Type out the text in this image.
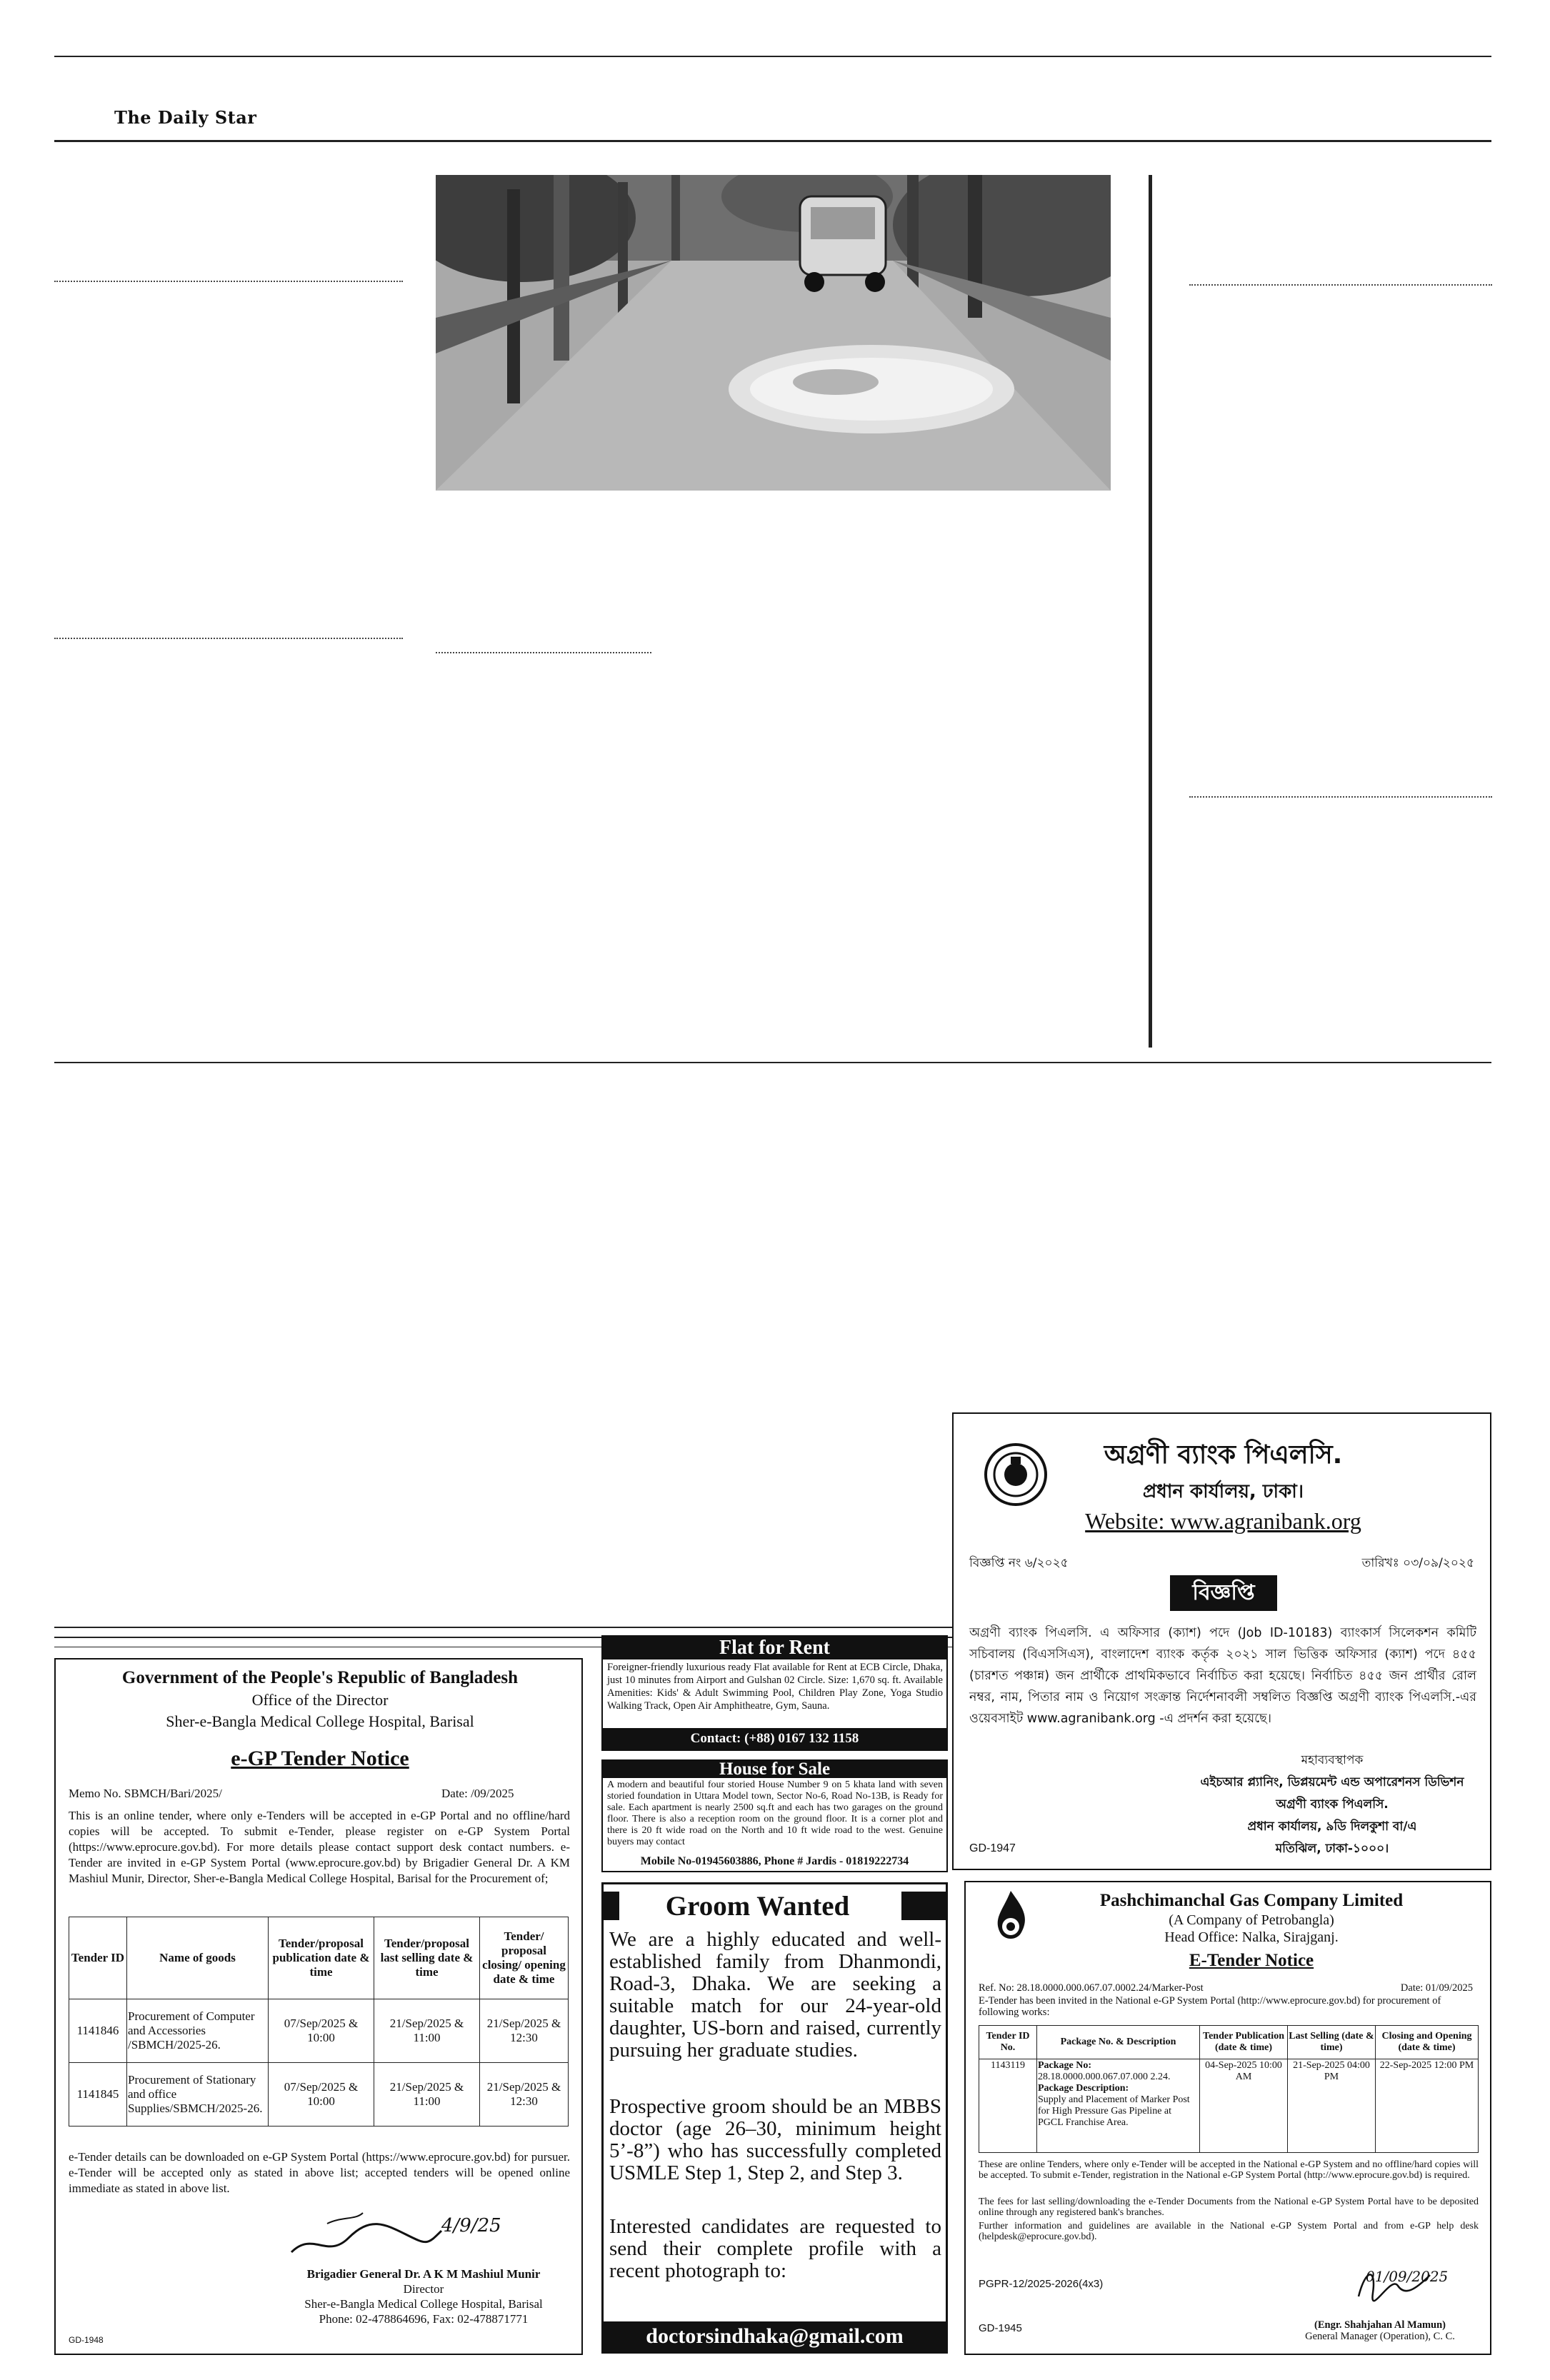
The Daily Star
অগ্রণী ব্যাংক পিএলসি.
প্রধান কার্যালয়, ঢাকা।
Website: www.agranibank.org
বিজ্ঞপ্তি নং ৬/২০২৫	তারিখঃ ০৩/০৯/২০২৫
বিজ্ঞপ্তি
অগ্রণী ব্যাংক পিএলসি. এ অফিসার (ক্যাশ) পদে (Job ID-10183) ব্যাংকার্স সিলেকশন কমিটি সচিবালয় (বিএসসিএস), বাংলাদেশ ব্যাংক কর্তৃক ২০২১ সাল ভিত্তিক অফিসার (ক্যাশ) পদে ৪৫৫ (চারশত পঞ্চান্ন) জন প্রার্থীকে প্রাথমিকভাবে নির্বাচিত করা হয়েছে। নির্বাচিত ৪৫৫ জন প্রার্থীর রোল নম্বর, নাম, পিতার নাম ও নিয়োগ সংক্রান্ত নির্দেশনাবলী সম্বলিত বিজ্ঞপ্তি অগ্রণী ব্যাংক পিএলসি.-এর ওয়েবসাইট www.agranibank.org -এ প্রদর্শন করা হয়েছে।
মহাব্যবস্থাপক
এইচআর প্ল্যানিং, ডিপ্লয়মেন্ট এন্ড অপারেশনস ডিভিশন
অগ্রণী ব্যাংক পিএলসি.
প্রধান কার্যালয়, ৯ডি দিলকুশা বা/এ
মতিঝিল, ঢাকা-১০০০।
GD-1947
Government of the People's Republic of Bangladesh
Office of the Director
Sher-e-Bangla Medical College Hospital, Barisal
e-GP Tender Notice
Memo No. SBMCH/Bari/2025/	Date: /09/2025
This is an online tender, where only e-Tenders will be accepted in e-GP Portal and no offline/hard copies will be accepted. To submit e-Tender, please register on e-GP System Portal (https://www.eprocure.gov.bd). For more details please contact support desk contact numbers. e-Tender are invited in e-GP System Portal (www.eprocure.gov.bd) by Brigadier General Dr. A KM Mashiul Munir, Director, Sher-e-Bangla Medical College Hospital, Barisal for the Procurement of;
Tender ID	Name of goods	Tender/proposal publication date & time	Tender/proposal last selling date & time	Tender/ proposal closing/ opening date & time
1141846	Procurement of Computer and Accessories /SBMCH/2025-26.	07/Sep/2025 & 10:00	21/Sep/2025 & 11:00	21/Sep/2025 & 12:30
1141845	Procurement of Stationary and office Supplies/SBMCH/2025-26.	07/Sep/2025 & 10:00	21/Sep/2025 & 11:00	21/Sep/2025 & 12:30
e-Tender details can be downloaded on e-GP System Portal (https://www.eprocure.gov.bd) for pursuer. e-Tender will be accepted only as stated in above list; accepted tenders will be opened online immediate as stated in above list.
4/9/25
Brigadier General Dr. A K M Mashiul Munir
Director
Sher-e-Bangla Medical College Hospital, Barisal
Phone: 02-478864696, Fax: 02-478871771
GD-1948
Flat for Rent
Foreigner-friendly luxurious ready Flat available for Rent at ECB Circle, Dhaka, just 10 minutes from Airport and Gulshan 02 Circle. Size: 1,670 sq. ft. Available Amenities: Kids' & Adult Swimming Pool, Children Play Zone, Yoga Studio Walking Track, Open Air Amphitheatre, Gym, Sauna.
Contact: (+88) 0167 132 1158
House for Sale
A modern and beautiful four storied House Number 9 on 5 khata land with seven storied foundation in Uttara Model town, Sector No-6, Road No-13B, is Ready for sale. Each apartment is nearly 2500 sq.ft and each has two garages on the ground floor. There is also a reception room on the ground floor. It is a corner plot and there is 20 ft wide road on the North and 10 ft wide road to the west. Genuine buyers may contact
Mobile No-01945603886, Phone # Jardis - 01819222734
Groom Wanted
We are a highly educated and well-established family from Dhanmondi, Road-3, Dhaka. We are seeking a suitable match for our 24-year-old daughter, US-born and raised, currently pursuing her graduate studies.
Prospective groom should be an MBBS doctor (age 26–30, minimum height 5’-8”) who has successfully completed USMLE Step 1, Step 2, and Step 3.
Interested candidates are requested to send their complete profile with a recent photograph to:
doctorsindhaka@gmail.com
Pashchimanchal Gas Company Limited
(A Company of Petrobangla)
Head Office: Nalka, Sirajganj.
E-Tender Notice
Ref. No: 28.18.0000.000.067.07.0002.24/Marker-Post	Date: 01/09/2025
E-Tender has been invited in the National e-GP System Portal (http://www.eprocure.gov.bd) for procurement of following works:
Tender ID No.	Package No. & Description	Tender Publication (date & time)	Last Selling (date & time)	Closing and Opening (date & time)
1143119	Package No:
28.18.0000.000.067.07.000 2.24.
Package Description:
Supply and Placement of Marker Post for High Pressure Gas Pipeline at PGCL Franchise Area.	04-Sep-2025 10:00 AM	21-Sep-2025 04:00 PM	22-Sep-2025 12:00 PM
These are online Tenders, where only e-Tender will be accepted in the National e-GP System and no offline/hard copies will be accepted. To submit e-Tender, registration in the National e-GP System Portal (http://www.eprocure.gov.bd) is required.
The fees for last selling/downloading the e-Tender Documents from the National e-GP System Portal have to be deposited online through any registered bank's branches.
Further information and guidelines are available in the National e-GP System Portal and from e-GP help desk (helpdesk@eprocure.gov.bd).
PGPR-12/2025-2026(4x3)	01/09/2025
GD-1945	(Engr. Shahjahan Al Mamun)
General Manager (Operation), C. C.
